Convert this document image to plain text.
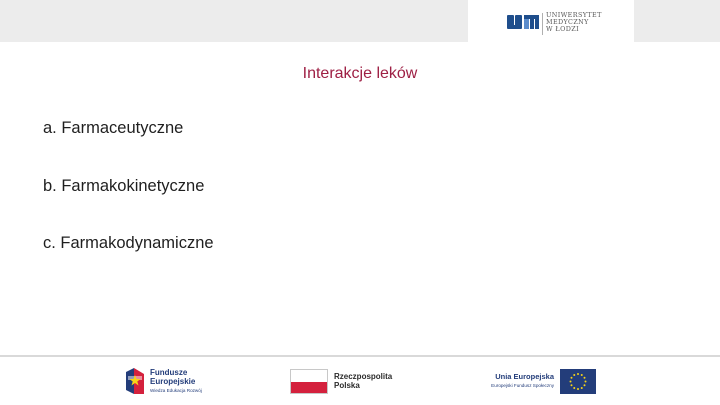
UNIWERSYTET
MEDYCZNY
W ŁODZI
Interakcje leków
a. Farmaceutyczne
b. Farmakokinetyczne
c. Farmakodynamiczne
Fundusze
Europejskie
Wiedza Edukacja Rozwój
Rzeczpospolita
Polska
Unia Europejska
Europejski Fundusz Społeczny
